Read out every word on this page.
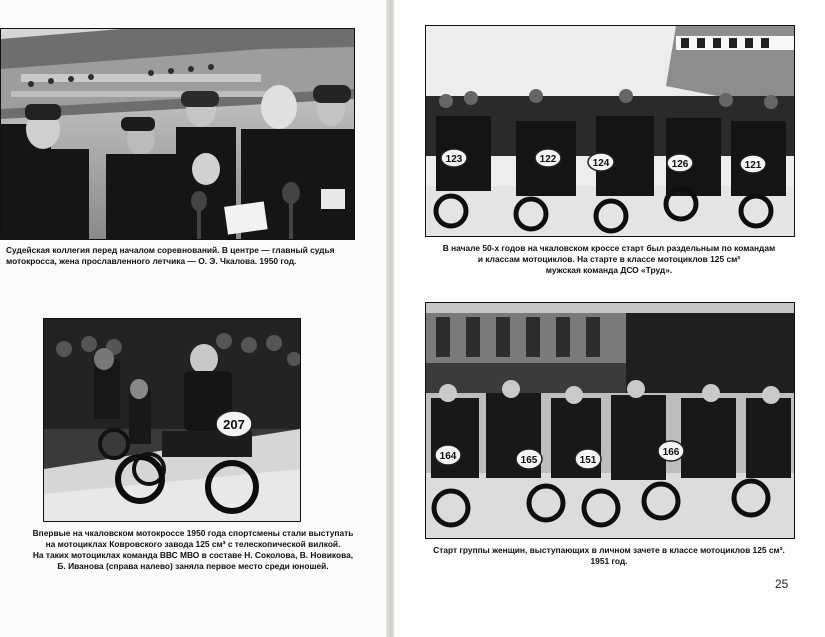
Судейская коллегия перед началом соревнований. В центре — главный судья
мотокросса, жена прославленного летчика — О. Э. Чкалова. 1950 год.
207
Впервые на чкаловском мотокроссе 1950 года спортсмены стали выступать
на мотоциклах Ковровского завода 125 см³ с телескопической вилкой.
На таких мотоциклах команда ВВС МВО в составе Н. Соколова, В. Новикова,
Б. Иванова (справа налево) заняла первое место среди юношей.
123	122	124	126	121
В начале 50-х годов на чкаловском кроссе старт был раздельным по командам
и классам мотоциклов. На старте в классе мотоциклов 125 см³
мужская команда ДСО «Труд».
164	165	151
166
Старт группы женщин, выступающих в личном зачете в классе мотоциклов 125 см³.
1951 год.
25
